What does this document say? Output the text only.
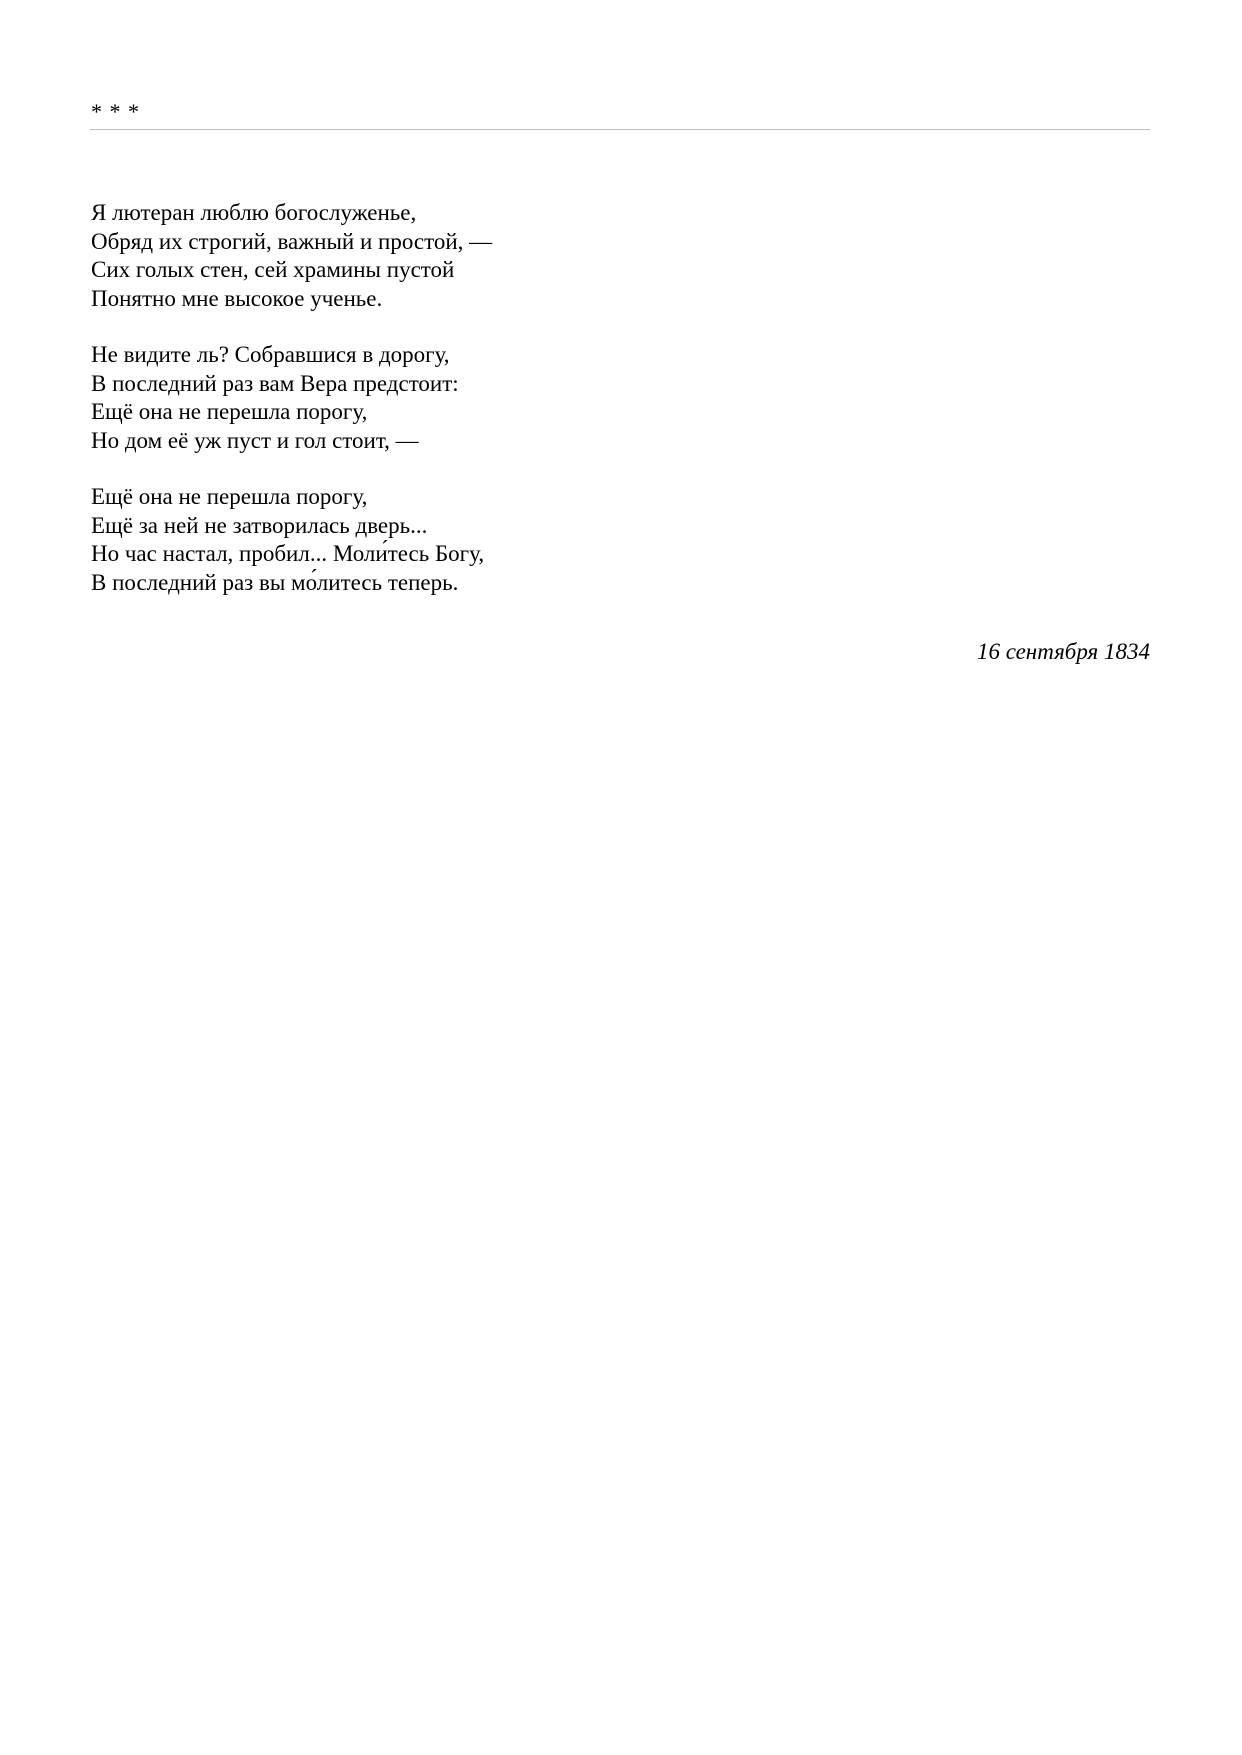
* * *
Я лютеран люблю богослуженье,
Обряд их строгий, важный и простой, —
Сих голых стен, сей храмины пустой
Понятно мне высокое ученье.
Не видите ль? Собравшися в дорогу,
В последний раз вам Вера предстоит:
Ещё она не перешла порогу,
Но дом её уж пуст и гол стоит, —
Ещё она не перешла порогу,
Ещё за ней не затворилась дверь...
Но час настал, пробил... Моли́тесь Богу,
В последний раз вы мо́литесь теперь.

16 сентября 1834
